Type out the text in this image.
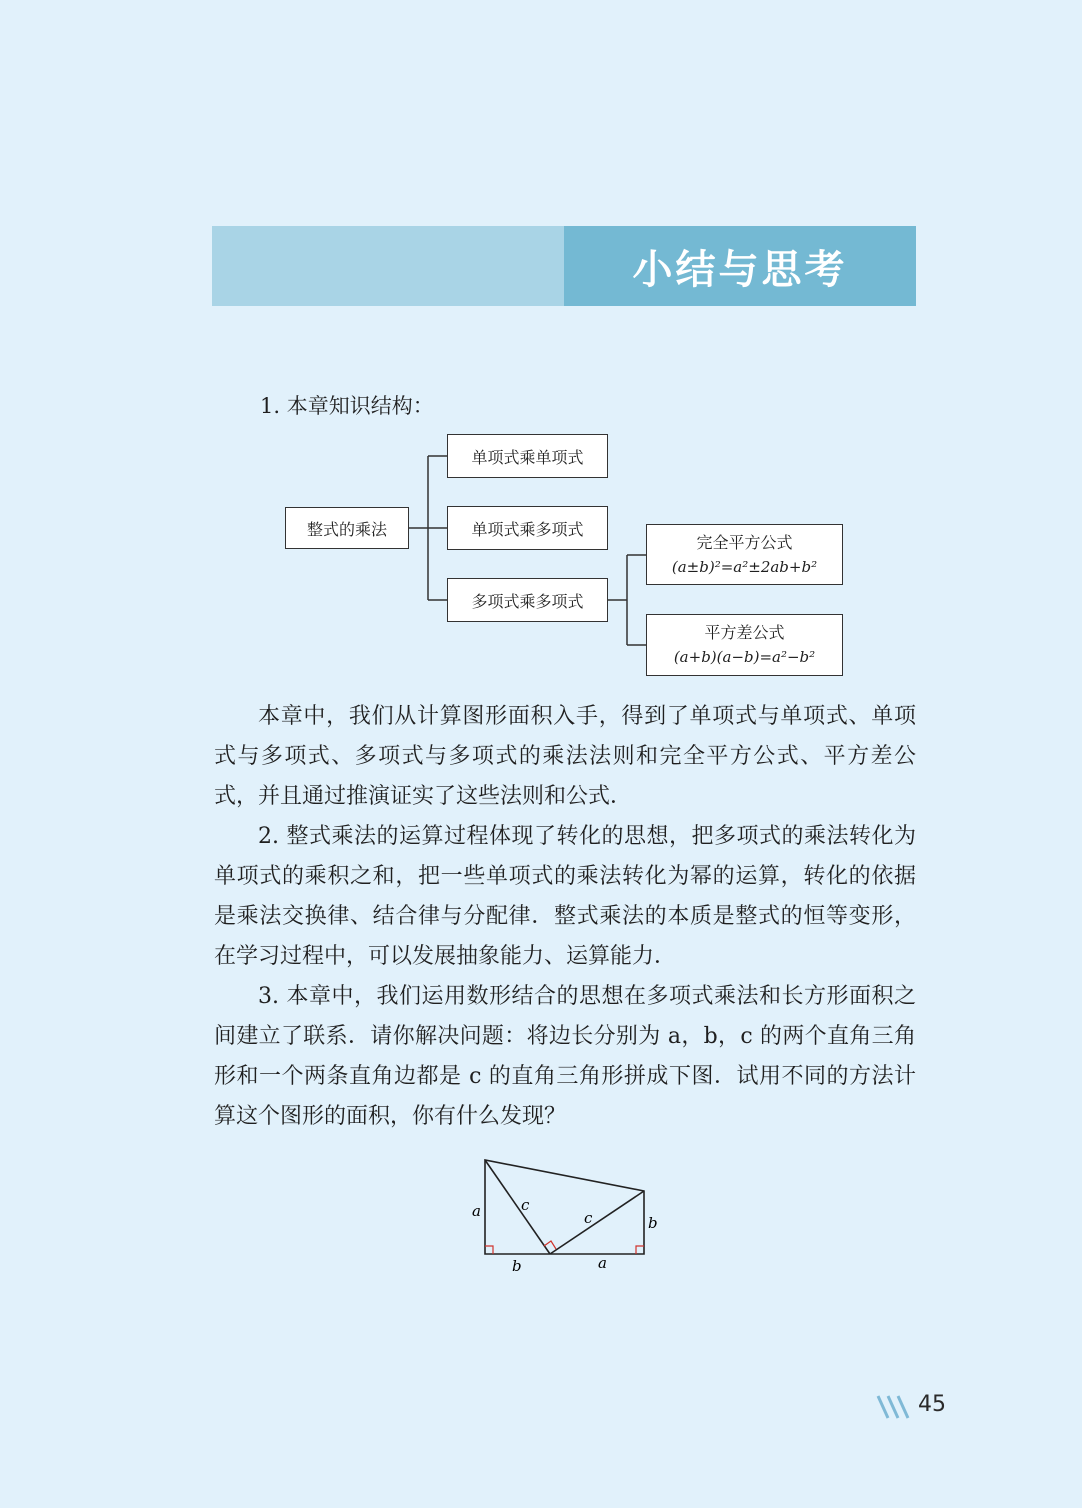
小结与思考
1. 本章知识结构：
整式的乘法
单项式乘单项式
单项式乘多项式
多项式乘多项式
完全平方公式
(a±b)²=a²±2ab+b²
平方差公式
(a+b)(a−b)=a²−b²

本章中，我们从计算图形面积入手，得到了单项式与单项式、单项式与多项式、多项式与多项式的乘法法则和完全平方公式、平方差公式，并且通过推演证实了这些法则和公式．

2. 整式乘法的运算过程体现了转化的思想，把多项式的乘法转化为单项式的乘积之和，把一些单项式的乘法转化为幂的运算，转化的依据是乘法交换律、结合律与分配律．整式乘法的本质是整式的恒等变形，在学习过程中，可以发展抽象能力、运算能力．

3. 本章中，我们运用数形结合的思想在多项式乘法和长方形面积之间建立了联系．请你解决问题：将边长分别为 a，b，c 的两个直角三角形和一个两条直角边都是 c 的直角三角形拼成下图．试用不同的方法计算这个图形的面积，你有什么发现？

a	c
c	b
b	a
45
